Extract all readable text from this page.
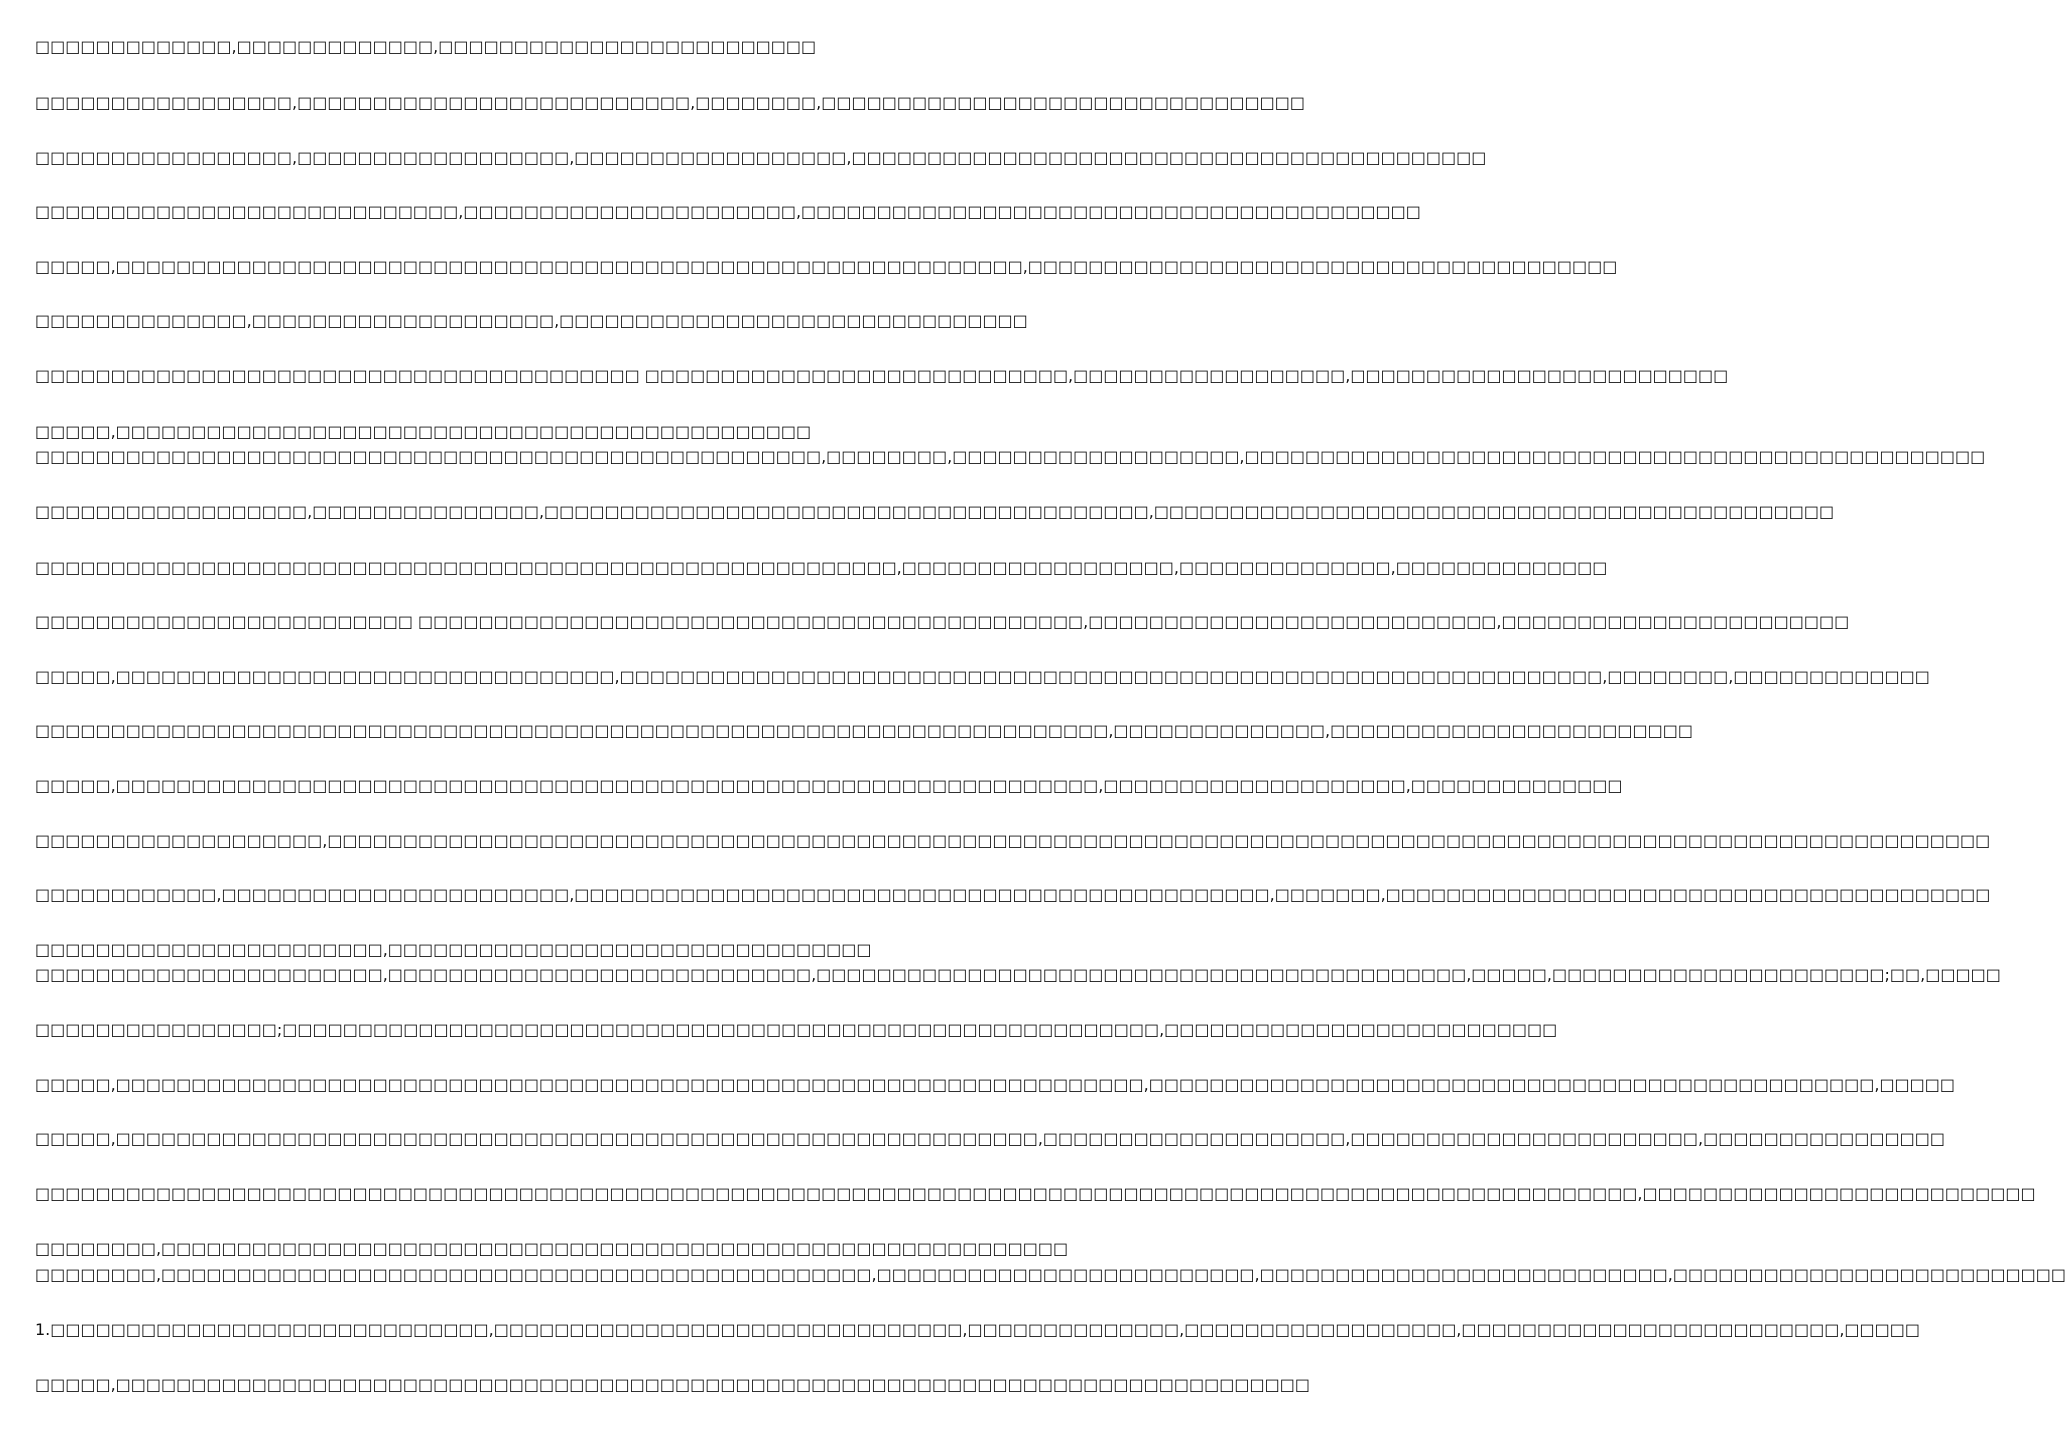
□□□□□□□□□□□□□,□□□□□□□□□□□□□,□□□□□□□□□□□□□□□□□□□□□□□□□
□□□□□□□□□□□□□□□□□,□□□□□□□□□□□□□□□□□□□□□□□□□□,□□□□□□□□,□□□□□□□□□□□□□□□□□□□□□□□□□□□□□□□□
□□□□□□□□□□□□□□□□□,□□□□□□□□□□□□□□□□□□,□□□□□□□□□□□□□□□□□□,□□□□□□□□□□□□□□□□□□□□□□□□□□□□□□□□□□□□□□□□□□
□□□□□□□□□□□□□□□□□□□□□□□□□□□□,□□□□□□□□□□□□□□□□□□□□□□,□□□□□□□□□□□□□□□□□□□□□□□□□□□□□□□□□□□□□□□□□
□□□□□,□□□□□□□□□□□□□□□□□□□□□□□□□□□□□□□□□□□□□□□□□□□□□□□□□□□□□□□□□□□□,□□□□□□□□□□□□□□□□□□□□□□□□□□□□□□□□□□□□□□□
□□□□□□□□□□□□□□,□□□□□□□□□□□□□□□□□□□□,□□□□□□□□□□□□□□□□□□□□□□□□□□□□□□□
□□□□□□□□□□□□□□□□□□□□□□□□□□□□□□□□□□□□□□□□ □□□□□□□□□□□□□□□□□□□□□□□□□□□□,□□□□□□□□□□□□□□□□□□,□□□□□□□□□□□□□□□□□□□□□□□□□
□□□□□,□□□□□□□□□□□□□□□□□□□□□□□□□□□□□□□□□□□□□□□□□□□□□□
□□□□□□□□□□□□□□□□□□□□□□□□□□□□□□□□□□□□□□□□□□□□□□□□□□□□,□□□□□□□□,□□□□□□□□□□□□□□□□□□□,□□□□□□□□□□□□□□□□□□□□□□□□□□□□□□□□□□□□□□□□□□□□□□□□□
□□□□□□□□□□□□□□□□□□,□□□□□□□□□□□□□□□,□□□□□□□□□□□□□□□□□□□□□□□□□□□□□□□□□□□□□□□□,□□□□□□□□□□□□□□□□□□□□□□□□□□□□□□□□□□□□□□□□□□□□□
□□□□□□□□□□□□□□□□□□□□□□□□□□□□□□□□□□□□□□□□□□□□□□□□□□□□□□□□□,□□□□□□□□□□□□□□□□□□,□□□□□□□□□□□□□□,□□□□□□□□□□□□□□
□□□□□□□□□□□□□□□□□□□□□□□□□ □□□□□□□□□□□□□□□□□□□□□□□□□□□□□□□□□□□□□□□□□□□□,□□□□□□□□□□□□□□□□□□□□□□□□□□□,□□□□□□□□□□□□□□□□□□□□□□□
□□□□□,□□□□□□□□□□□□□□□□□□□□□□□□□□□□□□□□□,□□□□□□□□□□□□□□□□□□□□□□□□□□□□□□□□□□□□□□□□□□□□□□□□□□□□□□□□□□□□□□□□□,□□□□□□□□,□□□□□□□□□□□□□
□□□□□□□□□□□□□□□□□□□□□□□□□□□□□□□□□□□□□□□□□□□□□□□□□□□□□□□□□□□□□□□□□□□□□□□,□□□□□□□□□□□□□□,□□□□□□□□□□□□□□□□□□□□□□□□
□□□□□,□□□□□□□□□□□□□□□□□□□□□□□□□□□□□□□□□□□□□□□□□□□□□□□□□□□□□□□□□□□□□□□□□,□□□□□□□□□□□□□□□□□□□□,□□□□□□□□□□□□□□
□□□□□□□□□□□□□□□□□□□,□□□□□□□□□□□□□□□□□□□□□□□□□□□□□□□□□□□□□□□□□□□□□□□□□□□□□□□□□□□□□□□□□□□□□□□□□□□□□□□□□□□□□□□□□□□□□□□□□□□□□□□□□□□□□□
□□□□□□□□□□□□,□□□□□□□□□□□□□□□□□□□□□□□,□□□□□□□□□□□□□□□□□□□□□□□□□□□□□□□□□□□□□□□□□□□□□□,□□□□□□□,□□□□□□□□□□□□□□□□□□□□□□□□□□□□□□□□□□□□□□□□
□□□□□□□□□□□□□□□□□□□□□□□,□□□□□□□□□□□□□□□□□□□□□□□□□□□□□□□□
□□□□□□□□□□□□□□□□□□□□□□□,□□□□□□□□□□□□□□□□□□□□□□□□□□□□,□□□□□□□□□□□□□□□□□□□□□□□□□□□□□□□□□□□□□□□□□□□,□□□□□,□□□□□□□□□□□□□□□□□□□□□□;□□,□□□□□
□□□□□□□□□□□□□□□□;□□□□□□□□□□□□□□□□□□□□□□□□□□□□□□□□□□□□□□□□□□□□□□□□□□□□□□□□□□,□□□□□□□□□□□□□□□□□□□□□□□□□□
□□□□□,□□□□□□□□□□□□□□□□□□□□□□□□□□□□□□□□□□□□□□□□□□□□□□□□□□□□□□□□□□□□□□□□□□□□,□□□□□□□□□□□□□□□□□□□□□□□□□□□□□□□□□□□□□□□□□□□□□□□□,□□□□□
□□□□□,□□□□□□□□□□□□□□□□□□□□□□□□□□□□□□□□□□□□□□□□□□□□□□□□□□□□□□□□□□□□□,□□□□□□□□□□□□□□□□□□□□,□□□□□□□□□□□□□□□□□□□□□□□,□□□□□□□□□□□□□□□□
□□□□□□□□□□□□□□□□□□□□□□□□□□□□□□□□□□□□□□□□□□□□□□□□□□□□□□□□□□□□□□□□□□□□□□□□□□□□□□□□□□□□□□□□□□□□□□□□□□□□□□□□□□,□□□□□□□□□□□□□□□□□□□□□□□□□□
□□□□□□□□,□□□□□□□□□□□□□□□□□□□□□□□□□□□□□□□□□□□□□□□□□□□□□□□□□□□□□□□□□□□□
□□□□□□□□,□□□□□□□□□□□□□□□□□□□□□□□□□□□□□□□□□□□□□□□□□□□□□□□,□□□□□□□□□□□□□□□□□□□□□□□□□,□□□□□□□□□□□□□□□□□□□□□□□□□□□,□□□□□□□□□□□□□□□□□□□□□□□□□□
1.□□□□□□□□□□□□□□□□□□□□□□□□□□□□□,□□□□□□□□□□□□□□□□□□□□□□□□□□□□□□□,□□□□□□□□□□□□□□,□□□□□□□□□□□□□□□□□□,□□□□□□□□□□□□□□□□□□□□□□□□□,□□□□□
□□□□□,□□□□□□□□□□□□□□□□□□□□□□□□□□□□□□□□□□□□□□□□□□□□□□□□□□□□□□□□□□□□□□□□□□□□□□□□□□□□□□□
